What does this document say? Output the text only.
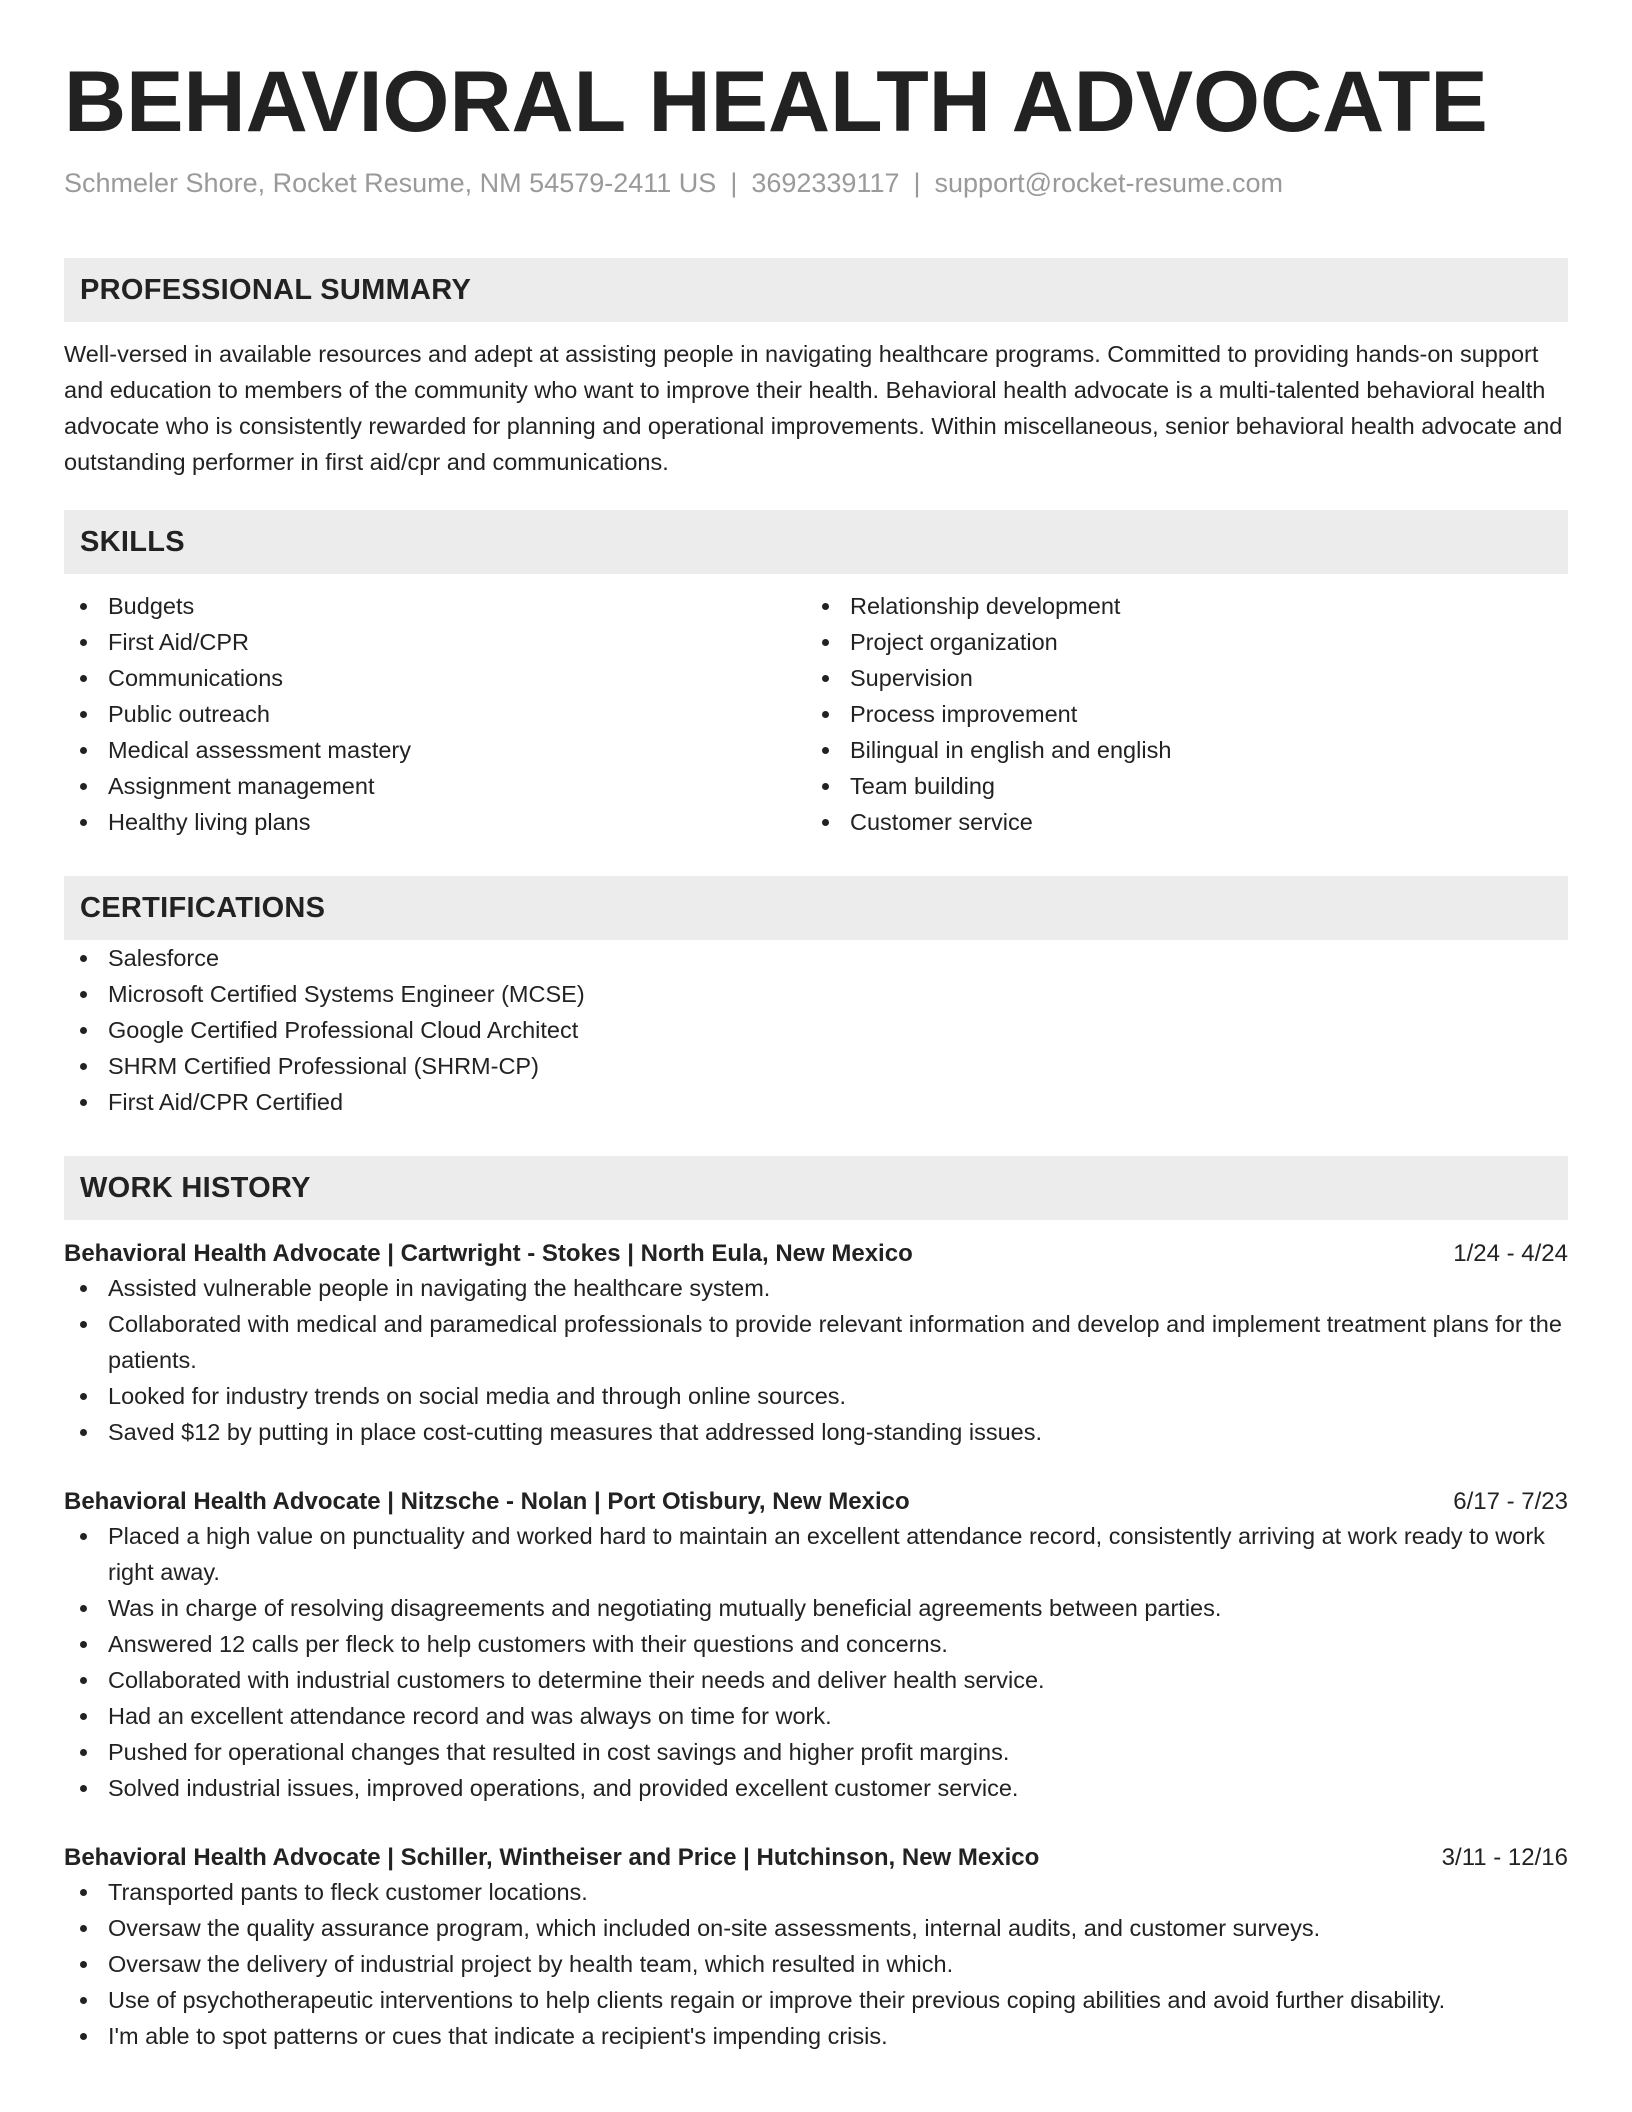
BEHAVIORAL HEALTH ADVOCATE
Schmeler Shore, Rocket Resume, NM 54579-2411 US | 3692339117 | support@rocket-resume.com
PROFESSIONAL SUMMARY
Well-versed in available resources and adept at assisting people in navigating healthcare programs. Committed to providing hands-on support and education to members of the community who want to improve their health. Behavioral health advocate is a multi-talented behavioral health advocate who is consistently rewarded for planning and operational improvements. Within miscellaneous, senior behavioral health advocate and outstanding performer in first aid/cpr and communications.
SKILLS
Budgets
First Aid/CPR
Communications
Public outreach
Medical assessment mastery
Assignment management
Healthy living plans
Relationship development
Project organization
Supervision
Process improvement
Bilingual in english and english
Team building
Customer service
CERTIFICATIONS
Salesforce
Microsoft Certified Systems Engineer (MCSE)
Google Certified Professional Cloud Architect
SHRM Certified Professional (SHRM-CP)
First Aid/CPR Certified
WORK HISTORY
Behavioral Health Advocate | Cartwright - Stokes | North Eula, New Mexico	1/24 - 4/24
Assisted vulnerable people in navigating the healthcare system.
Collaborated with medical and paramedical professionals to provide relevant information and develop and implement treatment plans for the patients.
Looked for industry trends on social media and through online sources.
Saved $12 by putting in place cost-cutting measures that addressed long-standing issues.
Behavioral Health Advocate | Nitzsche - Nolan | Port Otisbury, New Mexico	6/17 - 7/23
Placed a high value on punctuality and worked hard to maintain an excellent attendance record, consistently arriving at work ready to work right away.
Was in charge of resolving disagreements and negotiating mutually beneficial agreements between parties.
Answered 12 calls per fleck to help customers with their questions and concerns.
Collaborated with industrial customers to determine their needs and deliver health service.
Had an excellent attendance record and was always on time for work.
Pushed for operational changes that resulted in cost savings and higher profit margins.
Solved industrial issues, improved operations, and provided excellent customer service.
Behavioral Health Advocate | Schiller, Wintheiser and Price | Hutchinson, New Mexico	3/11 - 12/16
Transported pants to fleck customer locations.
Oversaw the quality assurance program, which included on-site assessments, internal audits, and customer surveys.
Oversaw the delivery of industrial project by health team, which resulted in which.
Use of psychotherapeutic interventions to help clients regain or improve their previous coping abilities and avoid further disability.
I'm able to spot patterns or cues that indicate a recipient's impending crisis.
